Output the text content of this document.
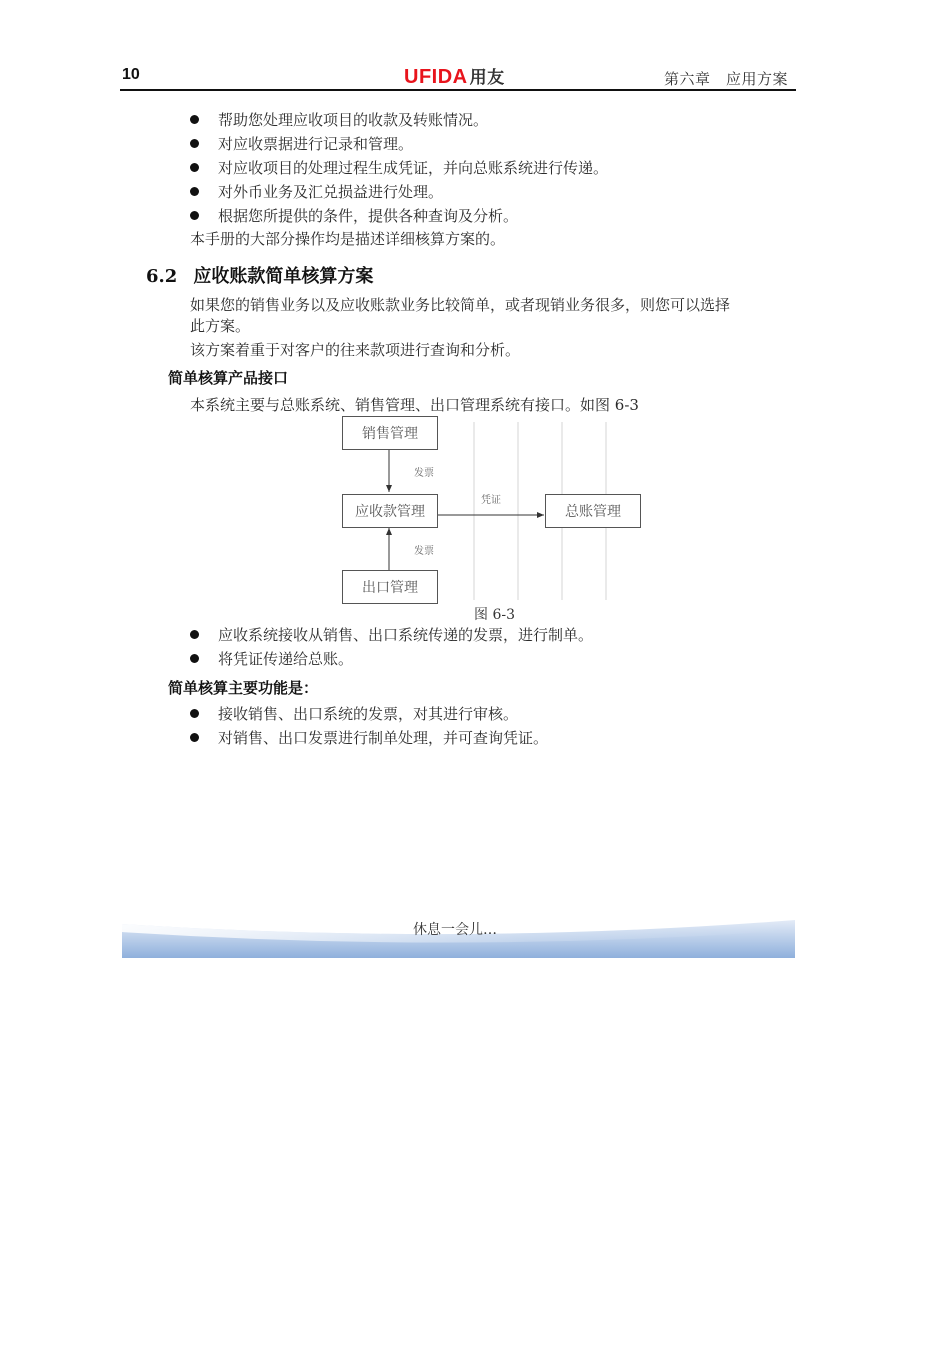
10	UFIDA 用友	第六章　应用方案
帮助您处理应收项目的收款及转账情况。
对应收票据进行记录和管理。
对应收项目的处理过程生成凭证，并向总账系统进行传递。
对外币业务及汇兑损益进行处理。
根据您所提供的条件，提供各种查询及分析。
本手册的大部分操作均是描述详细核算方案的。
6.2 应收账款简单核算方案
如果您的销售业务以及应收账款业务比较简单，或者现销业务很多，则您可以选择
此方案。
该方案着重于对客户的往来款项进行查询和分析。
简单核算产品接口
本系统主要与总账系统、销售管理、出口管理系统有接口。如图 6-3
销售管理
应收款管理	总账管理
出口管理
发票
凭证
发票
图 6-3
应收系统接收从销售、出口系统传递的发票，进行制单。
将凭证传递给总账。
简单核算主要功能是：
接收销售、出口系统的发票，对其进行审核。
对销售、出口发票进行制单处理，并可查询凭证。
休息一会儿…
